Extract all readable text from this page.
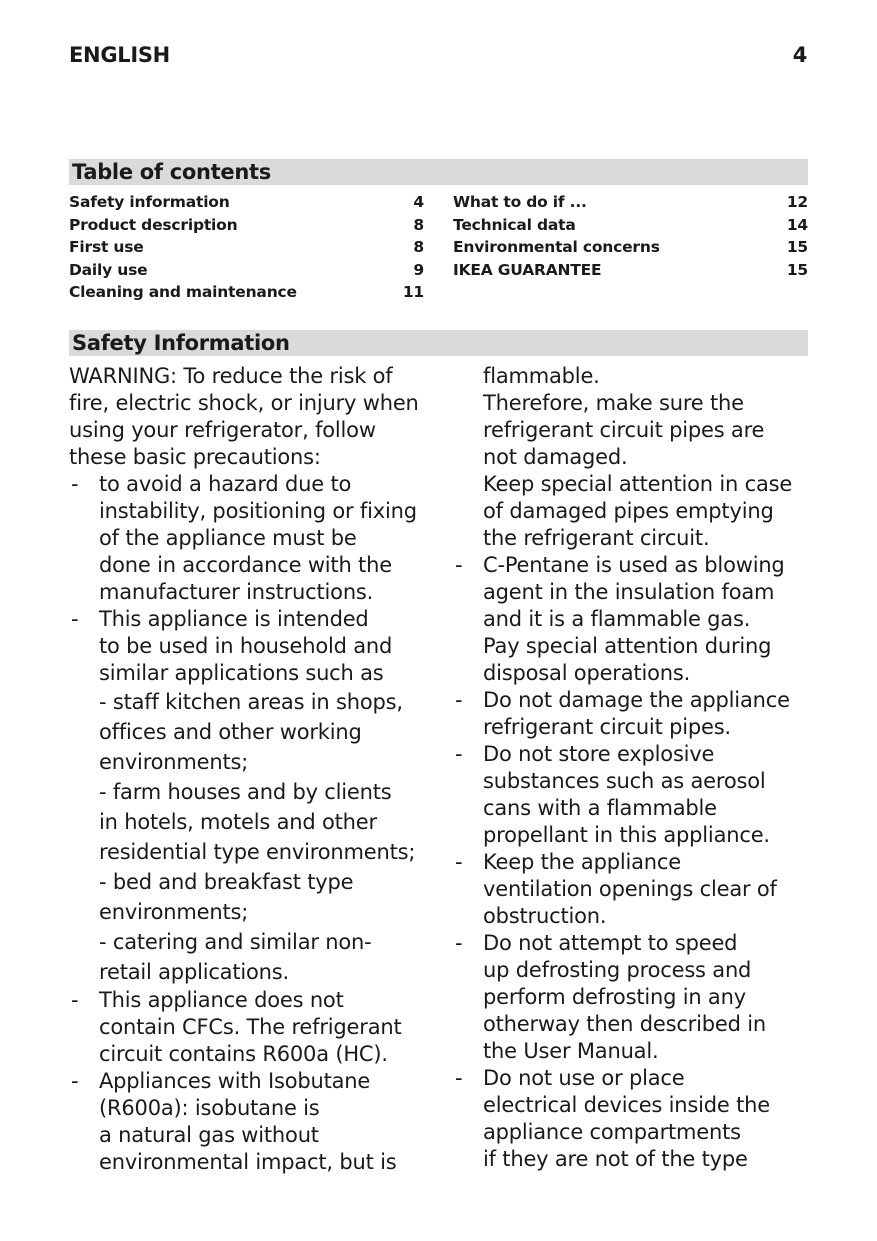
ENGLISH	4
Table of contents
Safety information	4
Product description	8
First use	8
Daily use	9
Cleaning and maintenance	11
What to do if ...	12
Technical data	14
Environmental concerns	15
IKEA GUARANTEE	15
Safety Information
WARNING: To reduce the risk of
fire, electric shock, or injury when
using your refrigerator, follow
these basic precautions:
- to avoid a hazard due to
instability, positioning or fixing
of the appliance must be
done in accordance with the
manufacturer instructions.
- This appliance is intended
to be used in household and
similar applications such as
- staff kitchen areas in shops,
offices and other working
environments;
- farm houses and by clients
in hotels, motels and other
residential type environments;
- bed and breakfast type
environments;
- catering and similar non-
retail applications.
- This appliance does not
contain CFCs. The refrigerant
circuit contains R600a (HC).
- Appliances with Isobutane
(R600a): isobutane is
a natural gas without
environmental impact, but is
flammable.
Therefore, make sure the
refrigerant circuit pipes are
not damaged.
Keep special attention in case
of damaged pipes emptying
the refrigerant circuit.
- C-Pentane is used as blowing
agent in the insulation foam
and it is a flammable gas.
Pay special attention during
disposal operations.
- Do not damage the appliance
refrigerant circuit pipes.
- Do not store explosive
substances such as aerosol
cans with a flammable
propellant in this appliance.
- Keep the appliance
ventilation openings clear of
obstruction.
- Do not attempt to speed
up defrosting process and
perform defrosting in any
otherway then described in
the User Manual.
- Do not use or place
electrical devices inside the
appliance compartments
if they are not of the type
